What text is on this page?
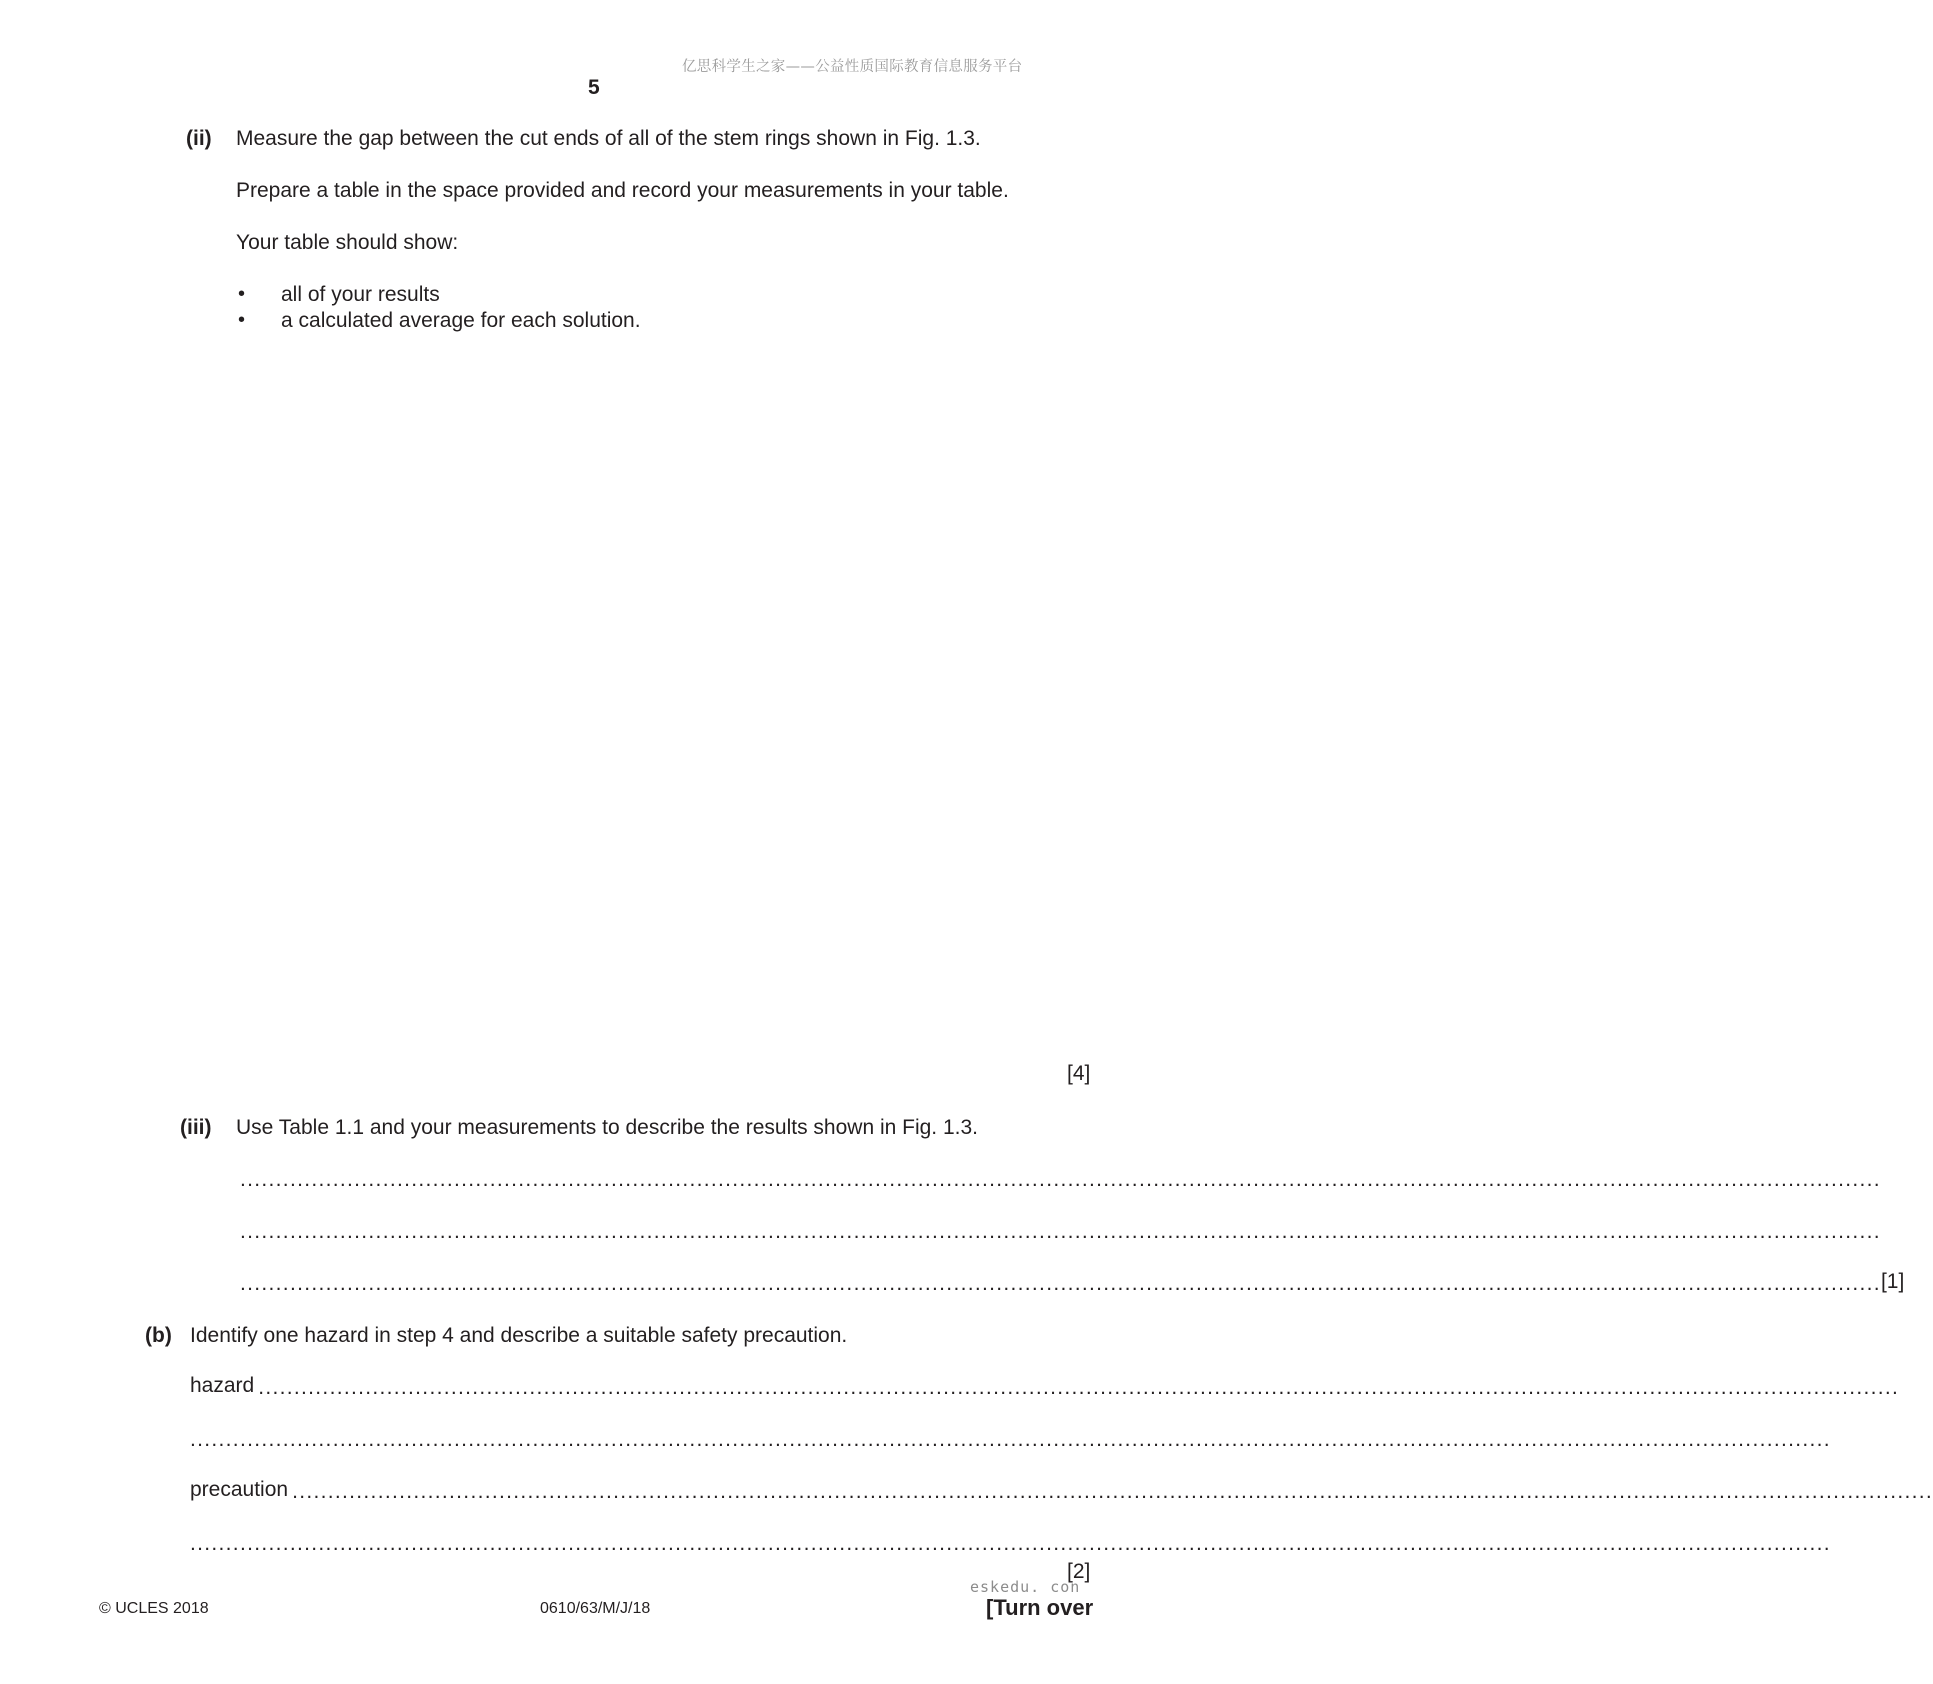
亿思科学生之家——公益性质国际教育信息服务平台
5
(ii) Measure the gap between the cut ends of all of the stem rings shown in Fig. 1.3.
Prepare a table in the space provided and record your measurements in your table.
Your table should show:
• all of your results
• a calculated average for each solution.
[4]
(iii) Use Table 1.1 and your measurements to describe the results shown in Fig. 1.3.
......................................................................................................................................................................................................................................
......................................................................................................................................................................................................................................
...................................................................................................................................................................................................................................... [1]
(b) Identify one hazard in step 4 and describe a suitable safety precaution.
hazard ......................................................................................................................................................................................................................................
......................................................................................................................................................................................................................................
precaution ......................................................................................................................................................................................................................................
......................................................................................................................................................................................................................................
[2]
eskedu. con
© UCLES 2018	0610/63/M/J/18	[Turn over
